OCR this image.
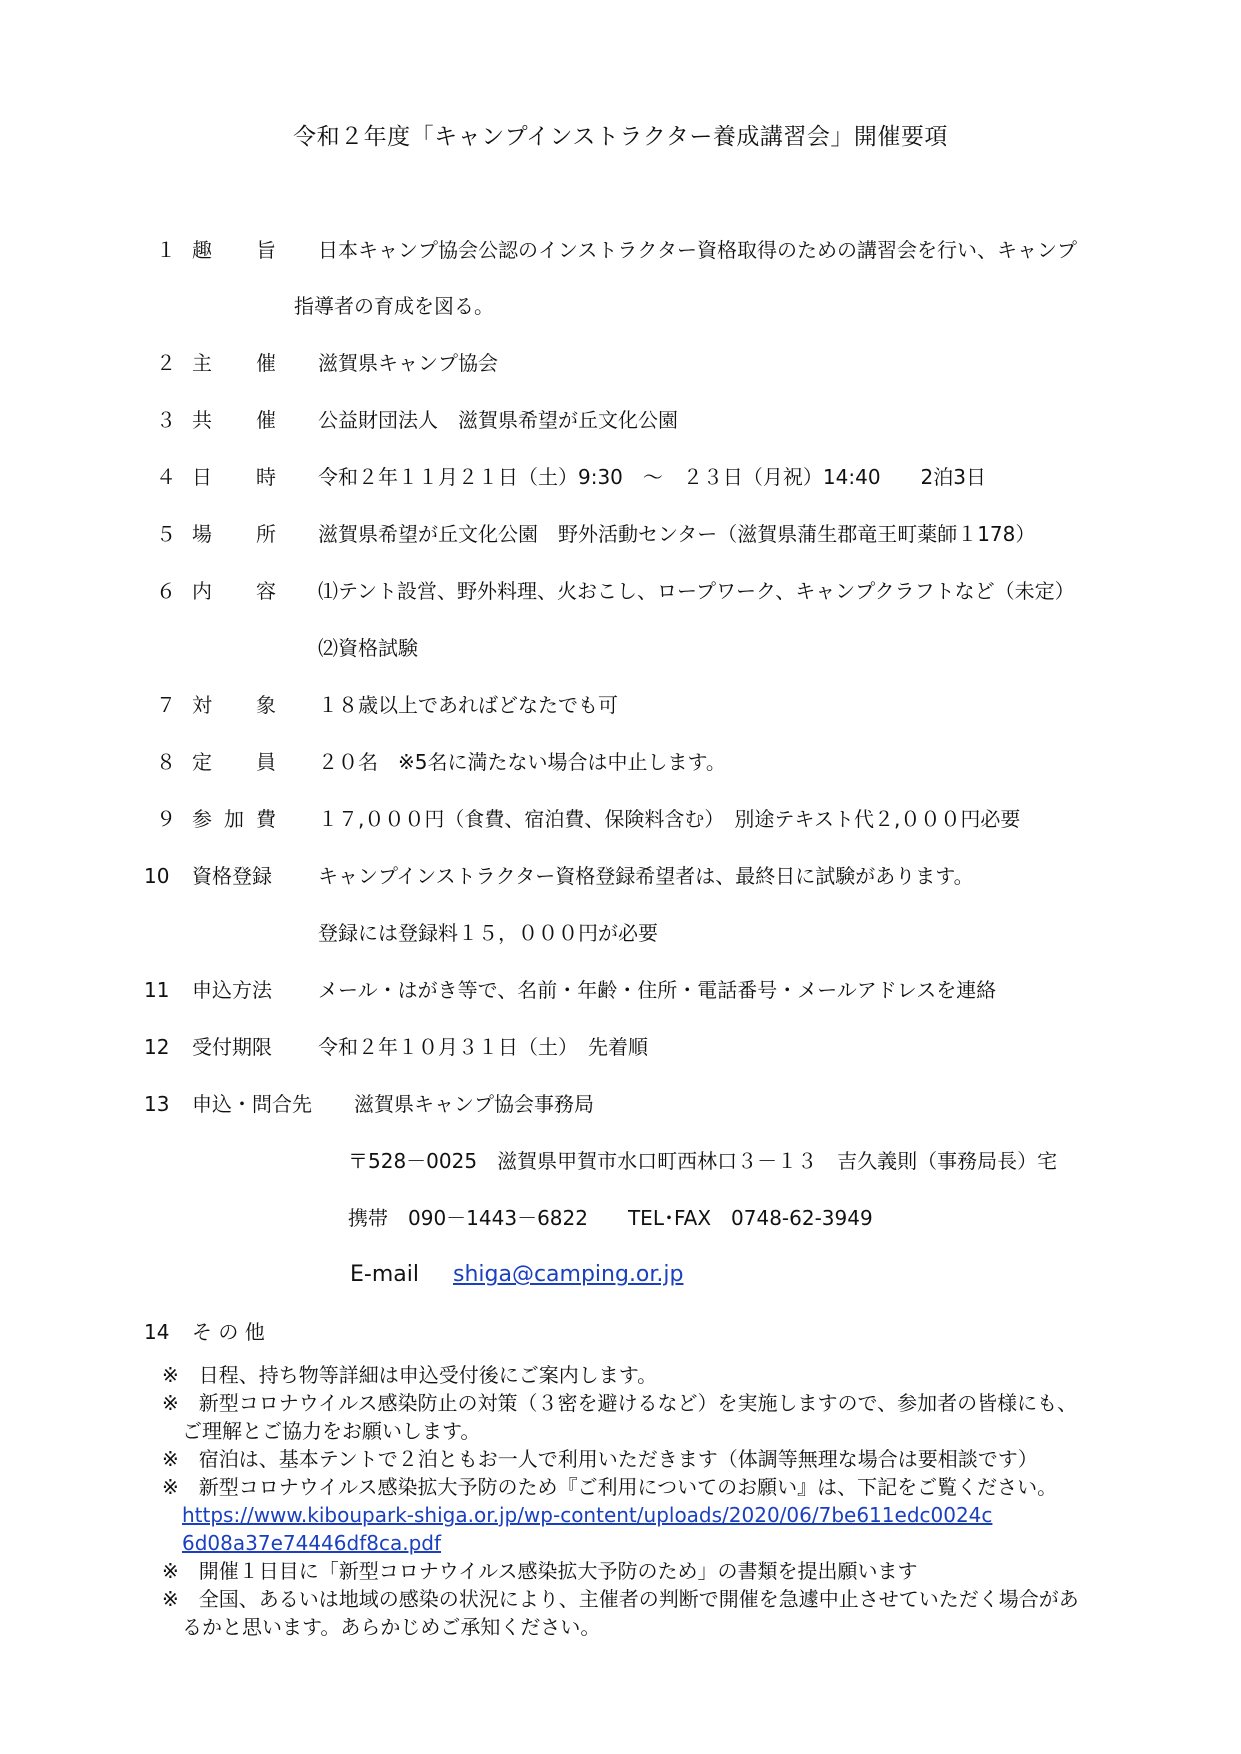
令和２年度「キャンプインストラクター養成講習会」開催要項
１ 趣 旨 日本キャンプ協会公認のインストラクター資格取得のための講習会を行い、キャンプ
指導者の育成を図る。
２ 主 催 滋賀県キャンプ協会
３ 共 催 公益財団法人　滋賀県希望が丘文化公園
４ 日 時 令和２年１１月２１日（土）9:30　～　２３日（月祝）14:40　　2泊3日
５ 場 所 滋賀県希望が丘文化公園　野外活動センター（滋賀県蒲生郡竜王町薬師１178）
６ 内 容 ⑴テント設営、野外料理、火おこし、ロープワーク、キャンプクラフトなど（未定）
⑵資格試験
７ 対 象 １８歳以上であればどなたでも可
８ 定 員 ２０名　※5名に満たない場合は中止します。
９ 参 加 費 １７,０００円（食費、宿泊費、保険料含む）　別途テキスト代２,０００円必要
10 資格登録 キャンプインストラクター資格登録希望者は、最終日に試験があります。
登録には登録料１５，０００円が必要
11 申込方法 メール・はがき等で、名前・年齢・住所・電話番号・メールアドレスを連絡
12 受付期限 令和２年１０月３１日（土）　先着順
13 申込・問合先 滋賀県キャンプ協会事務局
〒528－0025　滋賀県甲賀市水口町西林口３－１３　吉久義則（事務局長）宅
携帯　090－1443－6822　　TEL･FAX　0748-62-3949
E-mail shiga@camping.or.jp
14 そ の 他
※　日程、持ち物等詳細は申込受付後にご案内します。
※　新型コロナウイルス感染防止の対策（３密を避けるなど）を実施しますので、参加者の皆様にも、
ご理解とご協力をお願いします。
※　宿泊は、基本テントで２泊ともお一人で利用いただきます（体調等無理な場合は要相談です）
※　新型コロナウイルス感染拡大予防のため『ご利用についてのお願い』は、下記をご覧ください。
https://www.kiboupark-shiga.or.jp/wp-content/uploads/2020/06/7be611edc0024c
6d08a37e74446df8ca.pdf
※　開催１日目に「新型コロナウイルス感染拡大予防のため」の書類を提出願います
※　全国、あるいは地域の感染の状況により、主催者の判断で開催を急遽中止させていただく場合があ
るかと思います。あらかじめご承知ください。
